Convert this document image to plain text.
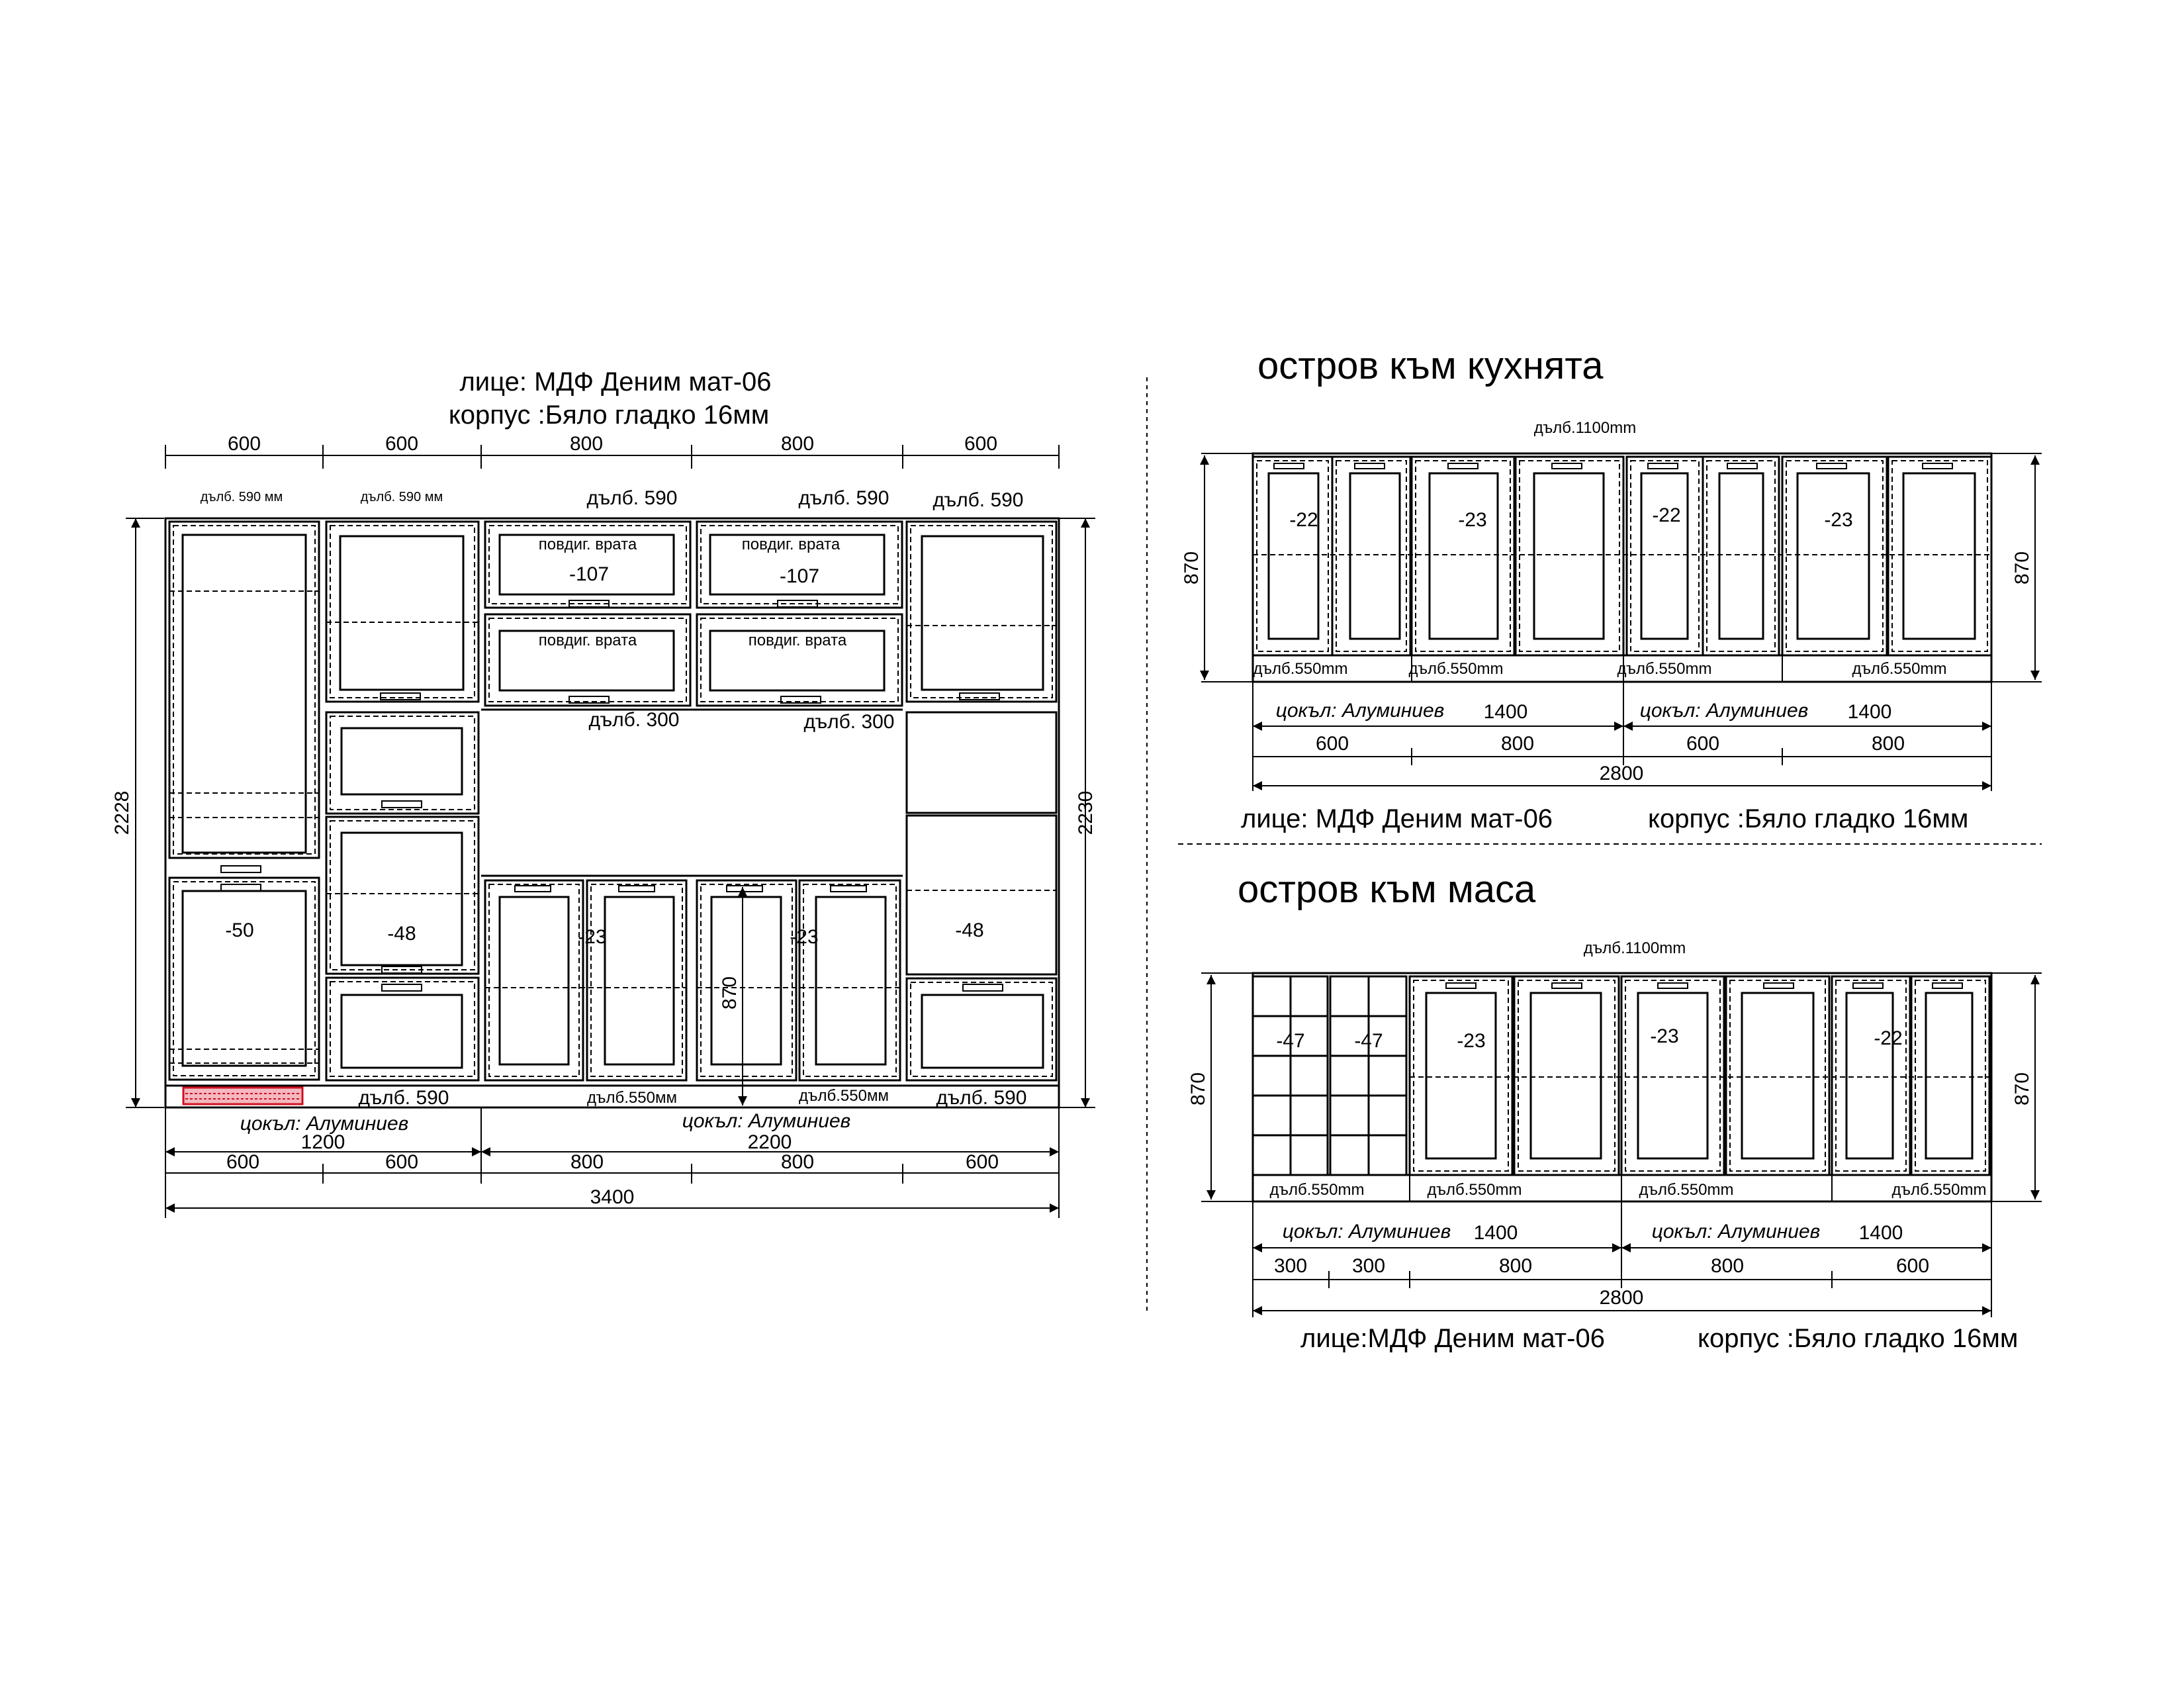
лице: МДФ Деним мат-06
корпус :Бяло гладко 16мм
600	600	800	800	600
дълб. 590 мм	дълб. 590 мм	дълб. 590	дълб. 590 дълб. 590
2228	2230
-50	-48
дълб. 590
повдиг. врата
-107
повдиг. врата
повдиг. врата
-107
повдиг. врата
дълб. 300	дълб. 300
-23	-23
870
дълб.550мм	дълб.550мм
-48
дълб. 590
цокъл: Алуминиев	цокъл: Алуминиев
1200	2200
600	600	800	800	600
3400
остров към кухнята
дълб.1100mm
870	870
-22	-23	-22	-23
дълб.550mm	дълб.550mm	дълб.550mm	дълб.550mm
цокъл: Алуминиев	цокъл: Алуминиев
1400	1400
600	800	600	800
2800
лице: МДФ Деним мат-06	корпус :Бяло гладко 16мм
остров към маса
дълб.1100mm
870	870
-47 -47	-23	-23	-22
дълб.550mm	дълб.550mm	дълб.550mm	дълб.550mm
цокъл: Алуминиев	цокъл: Алуминиев
1400	1400
300 300	800	800	600
2800
лице:МДФ Деним мат-06	корпус :Бяло гладко 16мм
